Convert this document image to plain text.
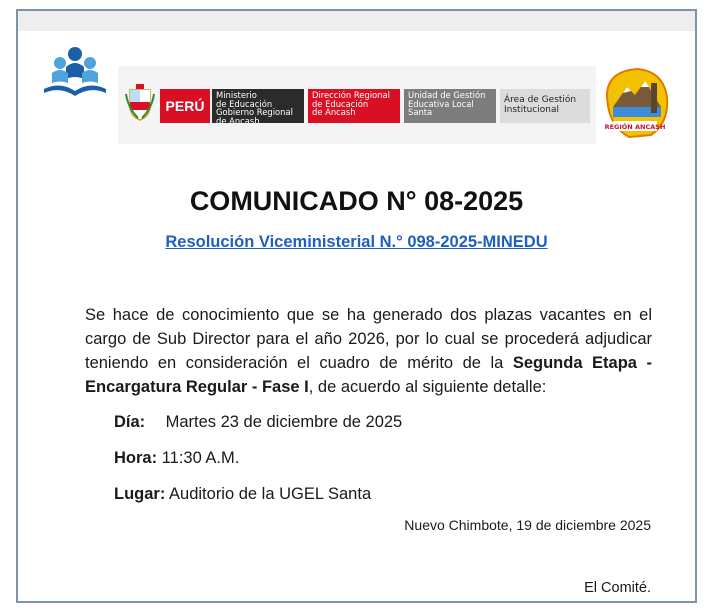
PERÚ
Ministerio
de Educación
Gobierno Regional
de Ancash
Dirección Regional
de Educación
de Ancash
Unidad de Gestión
Educativa Local
Santa
Área de Gestión
Institucional
REGIÓN ANCASH
COMUNICADO N° 08-2025
Resolución Viceministerial N.° 098-2025-MINEDU
Se hace de conocimiento que se ha generado dos plazas vacantes en el cargo de Sub Director para el año 2026, por lo cual se procederá adjudicar teniendo en consideración el cuadro de mérito de la Segunda Etapa - Encargatura Regular - Fase I, de acuerdo al siguiente detalle:
Día: Martes 23 de diciembre de 2025
Hora: 11:30 A.M.
Lugar: Auditorio de la UGEL Santa
Nuevo Chimbote, 19 de diciembre 2025
El Comité.
